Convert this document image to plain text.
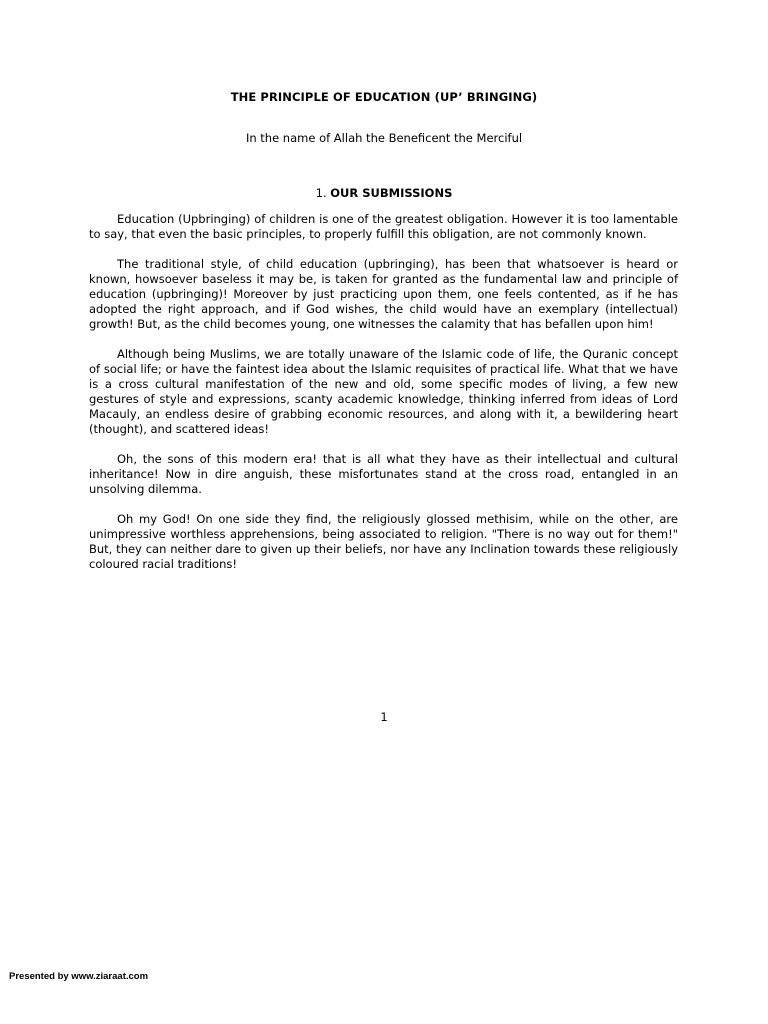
THE PRINCIPLE OF EDUCATION (UP’ BRINGING)
In the name of Allah the Beneficent the Merciful
1. OUR SUBMISSIONS

Education (Upbringing) of children is one of the greatest obligation. However it is too lamentable to say, that even the basic principles, to properly fulfill this obligation, are not commonly known.

The traditional style, of child education (upbringing), has been that whatsoever is heard or known, howsoever baseless it may be, is taken for granted as the fundamental law and principle of education (upbringing)! Moreover by just practicing upon them, one feels contented, as if he has adopted the right approach, and if God wishes, the child would have an exemplary (intellectual) growth! But, as the child becomes young, one witnesses the calamity that has befallen upon him!

Although being Muslims, we are totally unaware of the Islamic code of life, the Quranic concept of social life; or have the faintest idea about the Islamic requisites of practical life. What that we have is a cross cultural manifestation of the new and old, some specific modes of living, a few new gestures of style and expressions, scanty academic knowledge, thinking inferred from ideas of Lord Macauly, an endless desire of grabbing economic resources, and along with it, a bewildering heart (thought), and scattered ideas!

Oh, the sons of this modern era! that is all what they have as their intellectual and cultural inheritance! Now in dire anguish, these misfortunates stand at the cross road, entangled in an unsolving dilemma.

Oh my God! On one side they find, the religiously glossed methisim, while on the other, are unimpressive worthless apprehensions, being associated to religion. "There is no way out for them!" But, they can neither dare to given up their beliefs, nor have any Inclination towards these religiously coloured racial traditions!

1
Presented by www.ziaraat.com
